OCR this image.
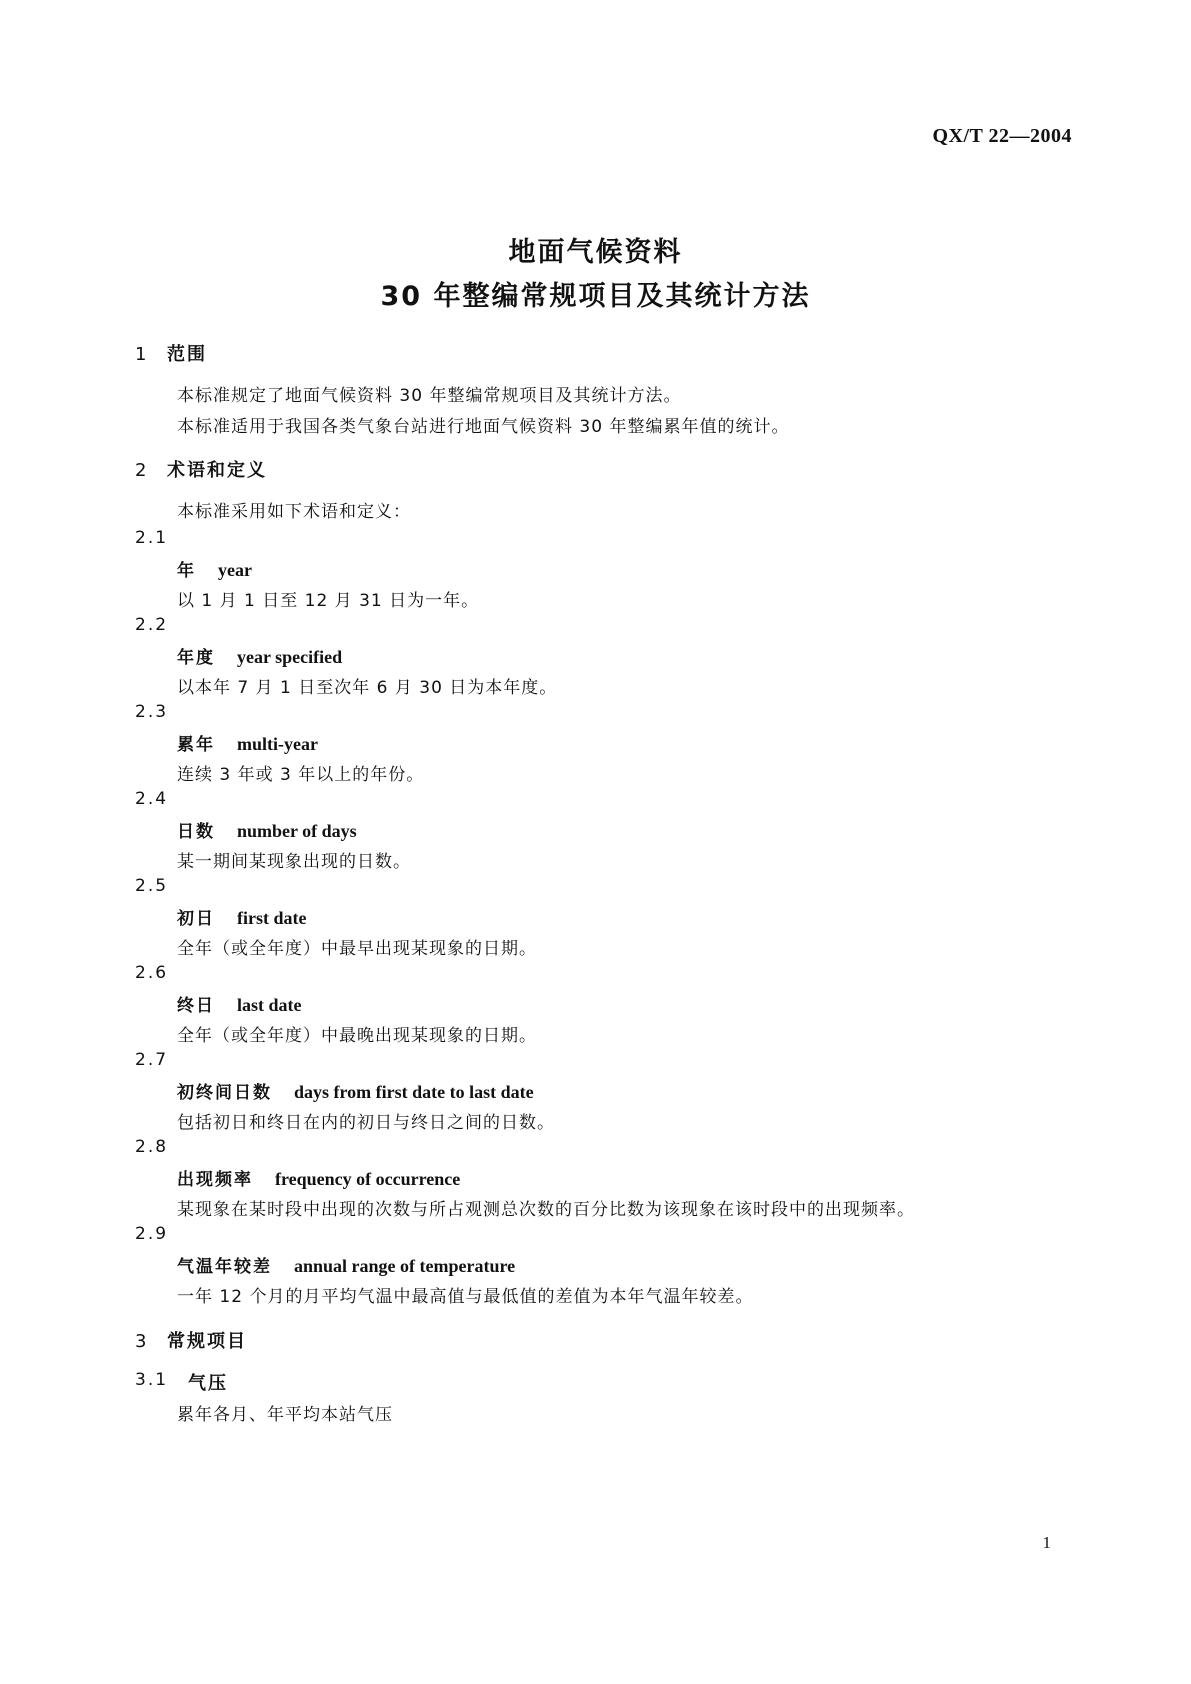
QX/T 22—2004
地面气候资料
30 年整编常规项目及其统计方法
1 范围
本标准规定了地面气候资料 30 年整编常规项目及其统计方法。
本标准适用于我国各类气象台站进行地面气候资料 30 年整编累年值的统计。
2 术语和定义
本标准采用如下术语和定义：
2.1
年 year
以 1 月 1 日至 12 月 31 日为一年。
2.2
年度 year specified
以本年 7 月 1 日至次年 6 月 30 日为本年度。
2.3
累年 multi-year
连续 3 年或 3 年以上的年份。
2.4
日数 number of days
某一期间某现象出现的日数。
2.5
初日 first date
全年（或全年度）中最早出现某现象的日期。
2.6
终日 last date
全年（或全年度）中最晚出现某现象的日期。
2.7
初终间日数 days from first date to last date
包括初日和终日在内的初日与终日之间的日数。
2.8
出现频率 frequency of occurrence
某现象在某时段中出现的次数与所占观测总次数的百分比数为该现象在该时段中的出现频率。
2.9
气温年较差 annual range of temperature
一年 12 个月的月平均气温中最高值与最低值的差值为本年气温年较差。
3 常规项目
3.1 气压
累年各月、年平均本站气压
1
